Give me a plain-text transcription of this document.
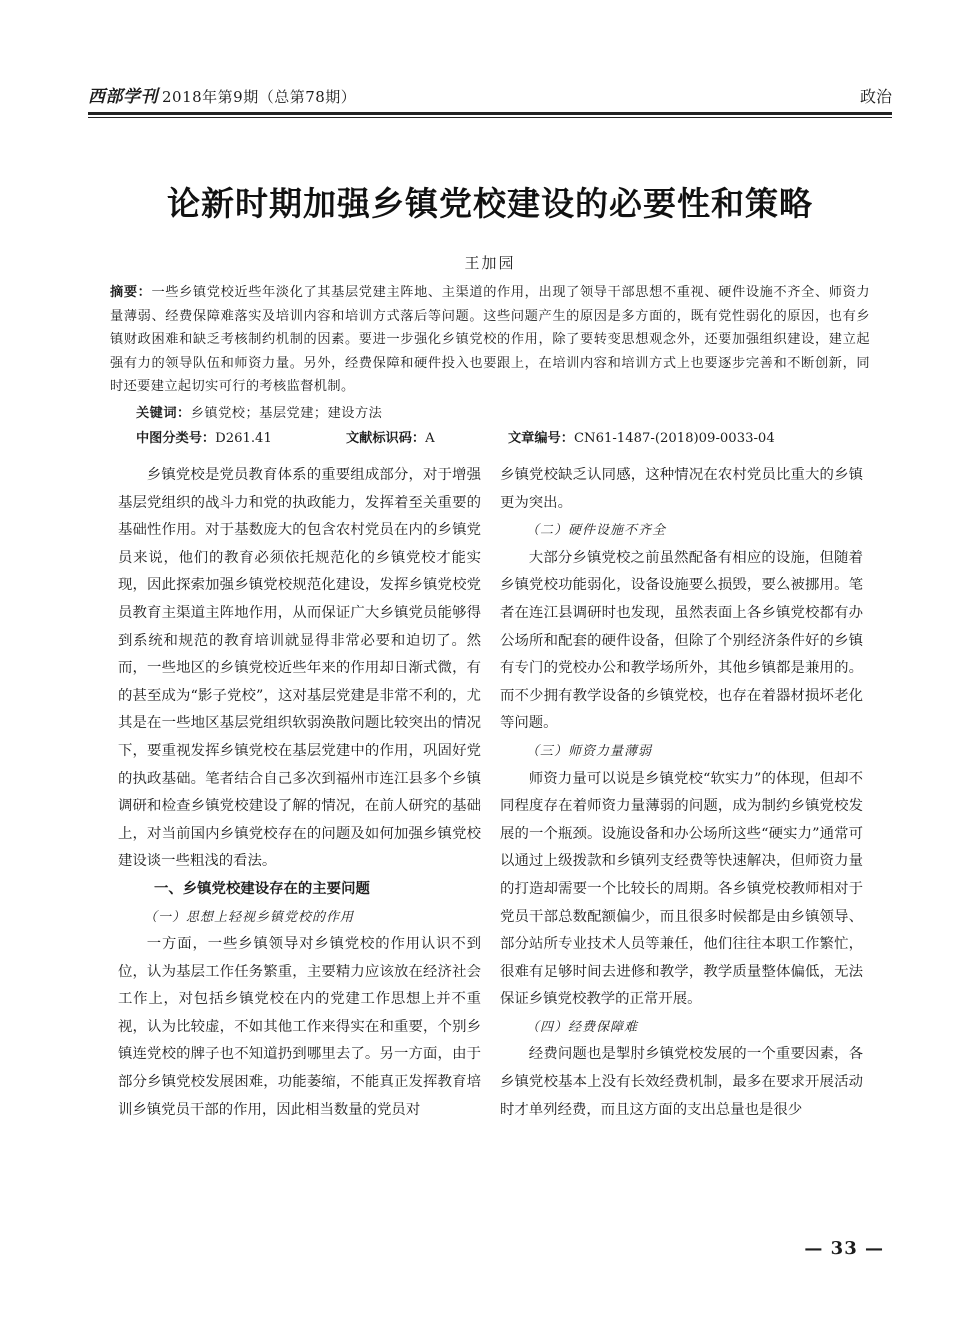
西部学刊 2018年第9期（总第78期）	政治
论新时期加强乡镇党校建设的必要性和策略
王加园
摘要：一些乡镇党校近些年淡化了其基层党建主阵地、主渠道的作用，出现了领导干部思想不重视、硬件设施不齐全、师资力量薄弱、经费保障难落实及培训内容和培训方式落后等问题。这些问题产生的原因是多方面的，既有党性弱化的原因，也有乡镇财政困难和缺乏考核制约机制的因素。要进一步强化乡镇党校的作用，除了要转变思想观念外，还要加强组织建设，建立起强有力的领导队伍和师资力量。另外，经费保障和硬件投入也要跟上，在培训内容和培训方式上也要逐步完善和不断创新，同时还要建立起切实可行的考核监督机制。
关键词：乡镇党校；基层党建；建设方法
中图分类号：D261.41	文献标识码：A	文章编号：CN61-1487-(2018)09-0033-04

乡镇党校是党员教育体系的重要组成部分，对于增强基层党组织的战斗力和党的执政能力，发挥着至关重要的基础性作用。对于基数庞大的包含农村党员在内的乡镇党员来说，他们的教育必须依托规范化的乡镇党校才能实现，因此探索加强乡镇党校规范化建设，发挥乡镇党校党员教育主渠道主阵地作用，从而保证广大乡镇党员能够得到系统和规范的教育培训就显得非常必要和迫切了。然而，一些地区的乡镇党校近些年来的作用却日渐式微，有的甚至成为“影子党校”，这对基层党建是非常不利的，尤其是在一些地区基层党组织软弱涣散问题比较突出的情况下，要重视发挥乡镇党校在基层党建中的作用，巩固好党的执政基础。笔者结合自己多次到福州市连江县多个乡镇调研和检查乡镇党校建设了解的情况，在前人研究的基础上，对当前国内乡镇党校存在的问题及如何加强乡镇党校建设谈一些粗浅的看法。

一、乡镇党校建设存在的主要问题

（一）思想上轻视乡镇党校的作用

一方面，一些乡镇领导对乡镇党校的作用认识不到位，认为基层工作任务繁重，主要精力应该放在经济社会工作上，对包括乡镇党校在内的党建工作思想上并不重视，认为比较虚，不如其他工作来得实在和重要，个别乡镇连党校的牌子也不知道扔到哪里去了。另一方面，由于部分乡镇党校发展困难，功能萎缩，不能真正发挥教育培训乡镇党员干部的作用，因此相当数量的党员对

乡镇党校缺乏认同感，这种情况在农村党员比重大的乡镇更为突出。

（二）硬件设施不齐全

大部分乡镇党校之前虽然配备有相应的设施，但随着乡镇党校功能弱化，设备设施要么损毁，要么被挪用。笔者在连江县调研时也发现，虽然表面上各乡镇党校都有办公场所和配套的硬件设备，但除了个别经济条件好的乡镇有专门的党校办公和教学场所外，其他乡镇都是兼用的。而不少拥有教学设备的乡镇党校，也存在着器材损坏老化等问题。

（三）师资力量薄弱

师资力量可以说是乡镇党校“软实力”的体现，但却不同程度存在着师资力量薄弱的问题，成为制约乡镇党校发展的一个瓶颈。设施设备和办公场所这些“硬实力”通常可以通过上级拨款和乡镇列支经费等快速解决，但师资力量的打造却需要一个比较长的周期。各乡镇党校教师相对于党员干部总数配额偏少，而且很多时候都是由乡镇领导、部分站所专业技术人员等兼任，他们往往本职工作繁忙，很难有足够时间去进修和教学，教学质量整体偏低，无法保证乡镇党校教学的正常开展。

（四）经费保障难

经费问题也是掣肘乡镇党校发展的一个重要因素，各乡镇党校基本上没有长效经费机制，最多在要求开展活动时才单列经费，而且这方面的支出总量也是很少

— 33 —
